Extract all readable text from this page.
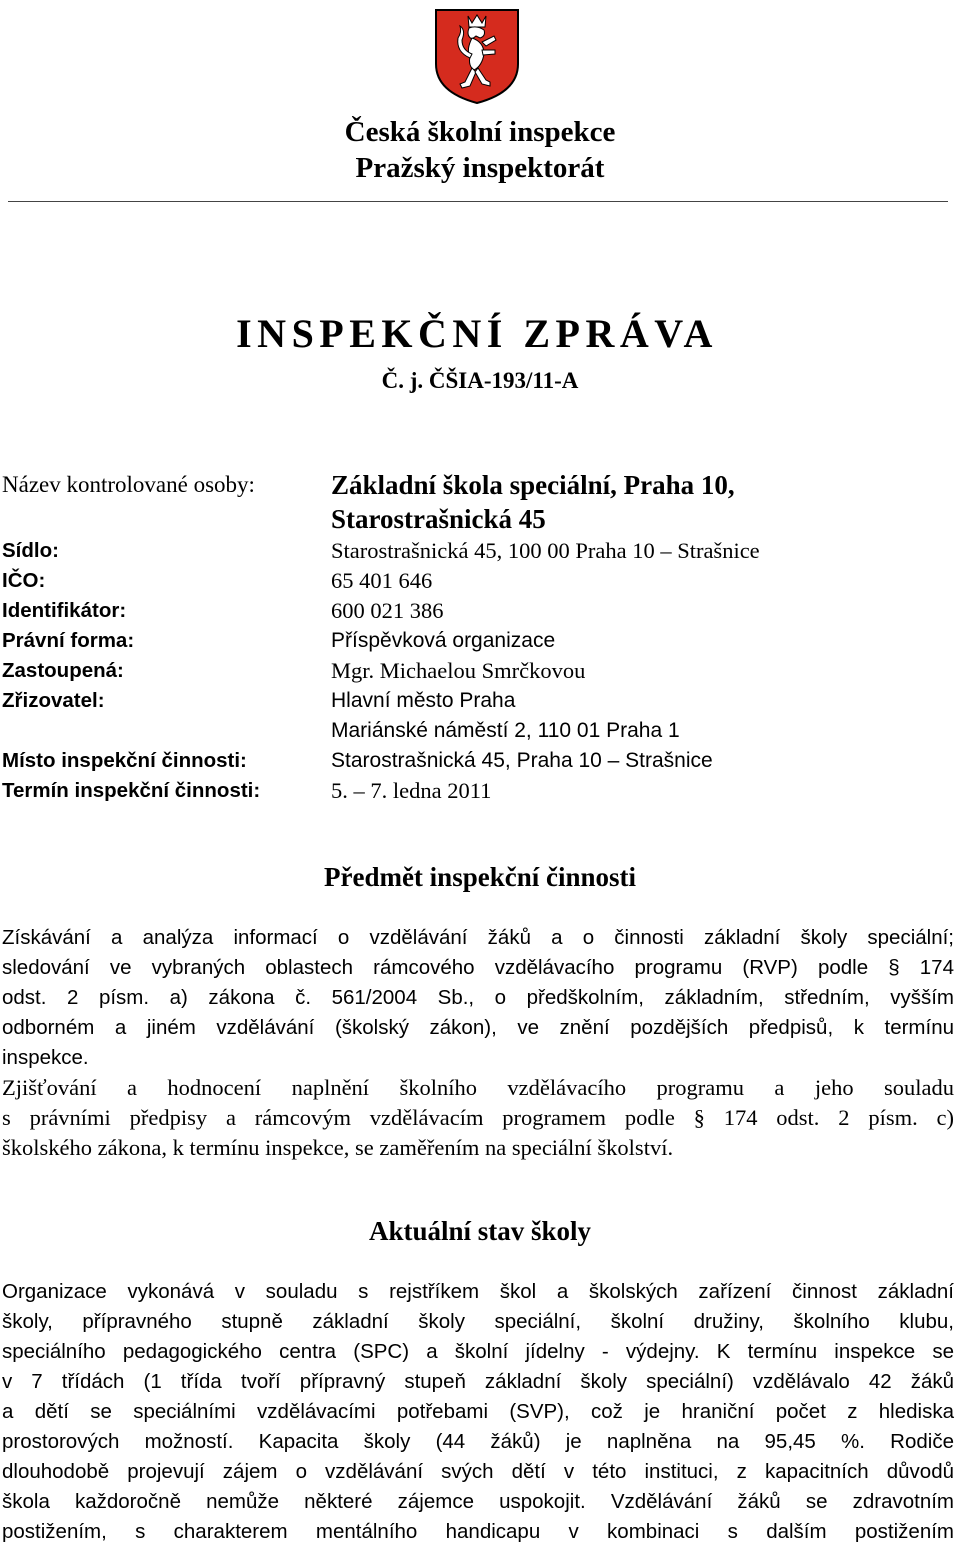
Česká školní inspekce
Pražský inspektorát
INSPEKČNÍ ZPRÁVA
Č. j. ČŠIA-193/11-A
Název kontrolované osoby:	Základní škola speciální, Praha 10,
Starostrašnická 45
Sídlo:	Starostrašnická 45, 100 00 Praha 10 – Strašnice
IČO:	65 401 646
Identifikátor:	600 021 386
Právní forma:	Příspěvková organizace
Zastoupená:	Mgr. Michaelou Smrčkovou
Zřizovatel:	Hlavní město Praha
Mariánské náměstí 2, 110 01 Praha 1
Místo inspekční činnosti:	Starostrašnická 45, Praha 10 – Strašnice
Termín inspekční činnosti:	5. – 7. ledna 2011
Předmět inspekční činnosti
Získávání a analýza informací o vzdělávání žáků a o činnosti základní školy speciální;
sledování ve vybraných oblastech rámcového vzdělávacího programu (RVP) podle § 174
odst. 2 písm. a) zákona č. 561/2004 Sb., o předškolním, základním, středním, vyšším
odborném a jiném vzdělávání (školský zákon), ve znění pozdějších předpisů, k termínu
inspekce.
Zjišťování a hodnocení naplnění školního vzdělávacího programu a jeho souladu
s právními předpisy a rámcovým vzdělávacím programem podle § 174 odst. 2 písm. c)
školského zákona, k termínu inspekce, se zaměřením na speciální školství.
Aktuální stav školy
Organizace vykonává v souladu s rejstříkem škol a školských zařízení činnost základní
školy, přípravného stupně základní školy speciální, školní družiny, školního klubu,
speciálního pedagogického centra (SPC) a školní jídelny - výdejny. K termínu inspekce se
v 7 třídách (1 třída tvoří přípravný stupeň základní školy speciální) vzdělávalo 42 žáků
a dětí se speciálními vzdělávacími potřebami (SVP), což je hraniční počet z hlediska
prostorových možností. Kapacita školy (44 žáků) je naplněna na 95,45 %. Rodiče
dlouhodobě projevují zájem o vzdělávání svých dětí v této instituci, z kapacitních důvodů
škola každoročně nemůže některé zájemce uspokojit. Vzdělávání žáků se zdravotním
postižením, s charakterem mentálního handicapu v kombinaci s dalším postižením
